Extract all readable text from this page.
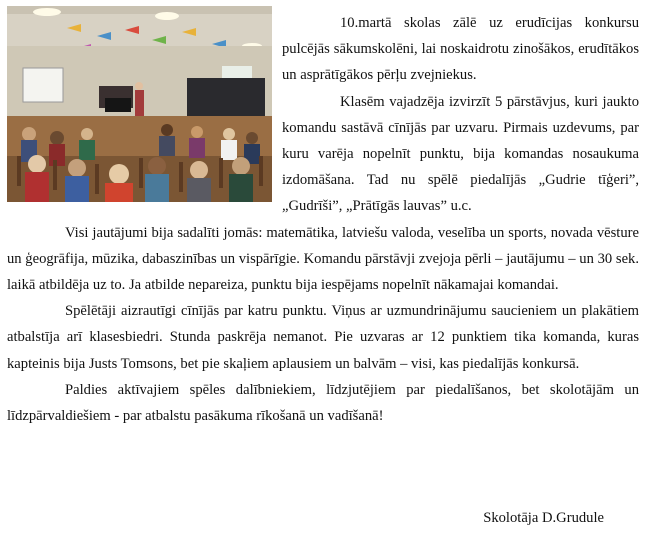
10.martā skolas zālē uz erudīcijas konkursu pulcējās sākumskolēni, lai noskaidrotu zinošākos, erudītākos un asprātīgākos pērļu zvejniekus.

Klasēm vajadzēja izvirzīt 5 pārstāvjus, kuri jaukto komandu sastāvā cīnījās par uzvaru. Pirmais uzdevums, par kuru varēja nopelnīt punktu, bija komandas nosaukuma izdomāšana. Tad nu spēlē piedalījās „Gudrie tīģeri”, „Gudrīši”, „Prātīgās lauvas” u.c.

Visi jautājumi bija sadalīti jomās: matemātika, latviešu valoda, veselība un sports, novada vēsture un ģeogrāfija, mūzika, dabaszinības un vispārīgie. Komandu pārstāvji zvejoja pērli – jautājumu – un 30 sek. laikā atbildēja uz to. Ja atbilde nepareiza, punktu bija iespējams nopelnīt nākamajai komandai.

Spēlētāji aizrautīgi cīnījās par katru punktu. Viņus ar uzmundrinājumu saucieniem un plakātiem atbalstīja arī klasesbiedri. Stunda paskrēja nemanot. Pie uzvaras ar 12 punktiem tika komanda, kuras kapteinis bija Justs Tomsons, bet pie skaļiem aplausiem un balvām – visi, kas piedalījās konkursā.

Paldies aktīvajiem spēles dalībniekiem, līdzjutējiem par piedalīšanos, bet skolotājām un līdzpārvaldiešiem - par atbalstu pasākuma rīkošanā un vadīšanā!

Skolotāja D.Grudule
